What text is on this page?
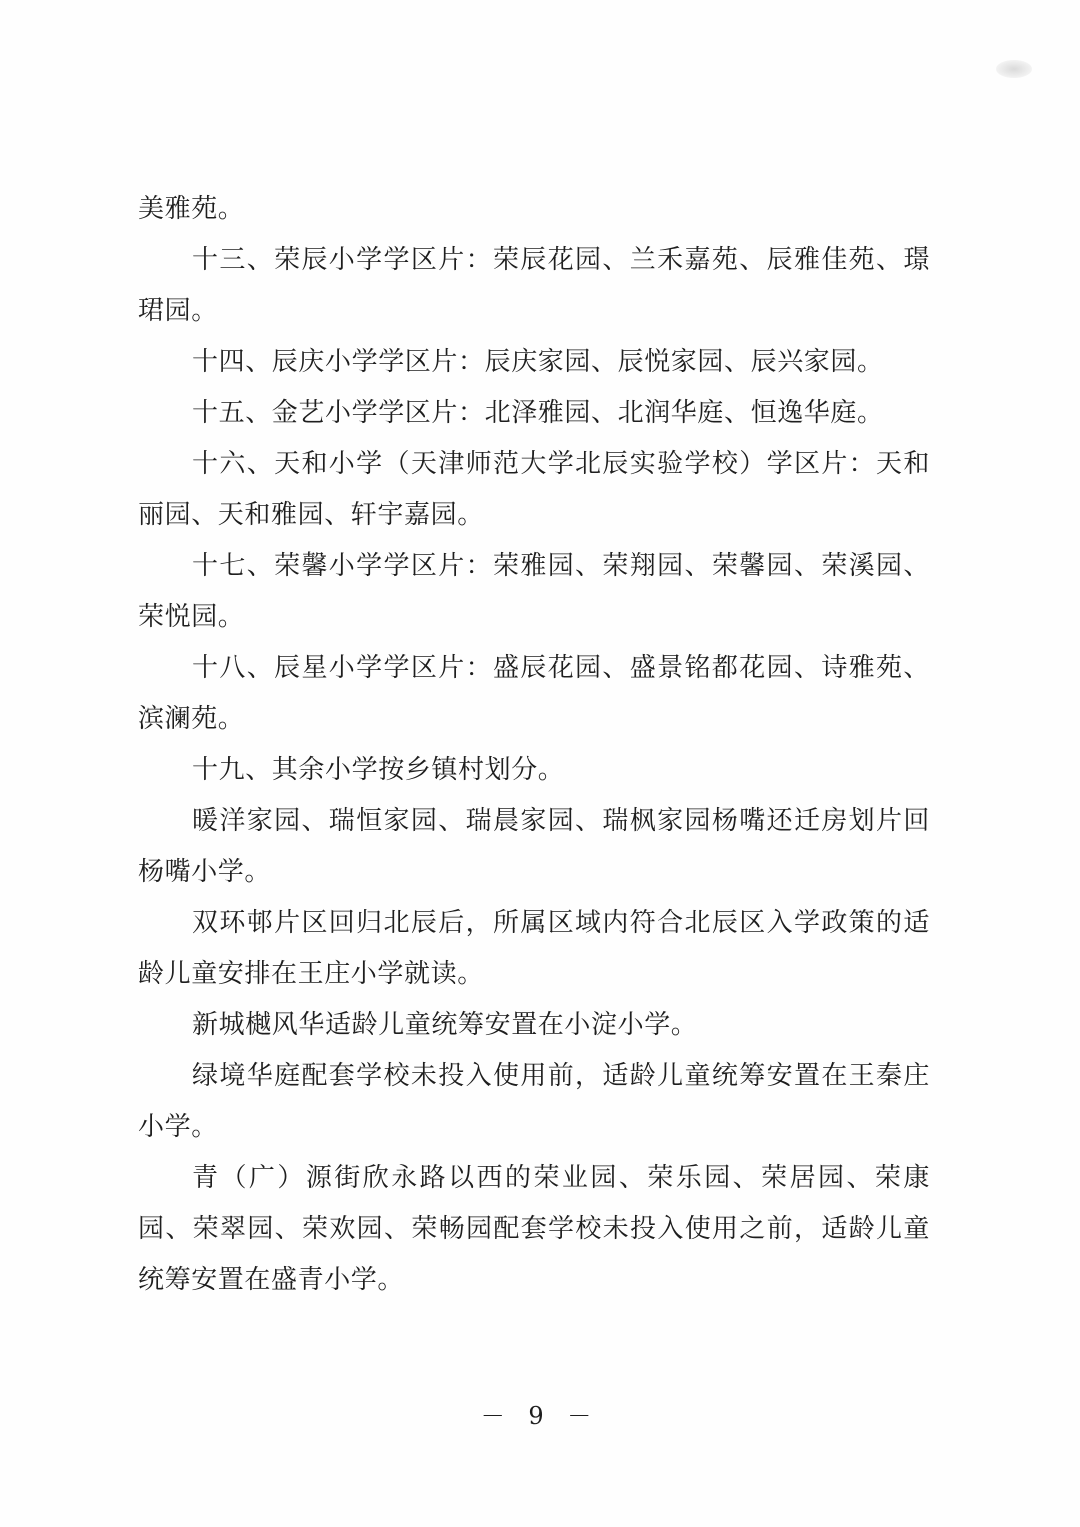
美雅苑。

十三、荣辰小学学区片：荣辰花园、兰禾嘉苑、辰雅佳苑、璟珺园。

十四、辰庆小学学区片：辰庆家园、辰悦家园、辰兴家园。

十五、金艺小学学区片：北泽雅园、北润华庭、恒逸华庭。

十六、天和小学（天津师范大学北辰实验学校）学区片：天和丽园、天和雅园、轩宇嘉园。

十七、荣馨小学学区片：荣雅园、荣翔园、荣馨园、荣溪园、荣悦园。

十八、辰星小学学区片：盛辰花园、盛景铭都花园、诗雅苑、滨澜苑。

十九、其余小学按乡镇村划分。

暖洋家园、瑞恒家园、瑞晨家园、瑞枫家园杨嘴还迁房划片回杨嘴小学。

双环邨片区回归北辰后，所属区域内符合北辰区入学政策的适龄儿童安排在王庄小学就读。

新城樾风华适龄儿童统筹安置在小淀小学。

绿境华庭配套学校未投入使用前，适龄儿童统筹安置在王秦庄小学。

青（广）源街欣永路以西的荣业园、荣乐园、荣居园、荣康园、荣翠园、荣欢园、荣畅园配套学校未投入使用之前，适龄儿童统筹安置在盛青小学。

－ 9 －
